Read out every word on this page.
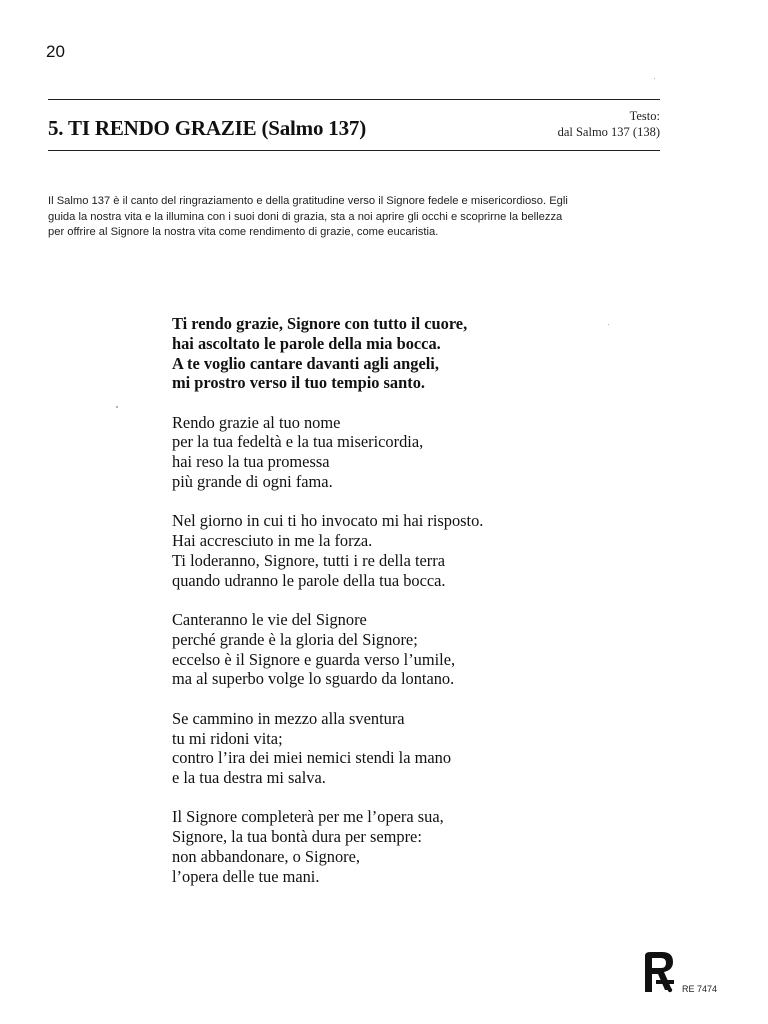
20
5. TI RENDO GRAZIE (Salmo 137)	Testo:
dal Salmo 137 (138)
Il Salmo 137 è il canto del ringraziamento e della gratitudine verso il Signore fedele e misericordioso. Egli
guida la nostra vita e la illumina con i suoi doni di grazia, sta a noi aprire gli occhi e scoprirne la bellezza
per offrire al Signore la nostra vita come rendimento di grazie, come eucaristia.
Ti rendo grazie, Signore con tutto il cuore,
hai ascoltato le parole della mia bocca.
A te voglio cantare davanti agli angeli,
mi prostro verso il tuo tempio santo.
Rendo grazie al tuo nome
per la tua fedeltà e la tua misericordia,
hai reso la tua promessa
più grande di ogni fama.
Nel giorno in cui ti ho invocato mi hai risposto.
Hai accresciuto in me la forza.
Ti loderanno, Signore, tutti i re della terra
quando udranno le parole della tua bocca.
Canteranno le vie del Signore
perché grande è la gloria del Signore;
eccelso è il Signore e guarda verso l’umile,
ma al superbo volge lo sguardo da lontano.
Se cammino in mezzo alla sventura
tu mi ridoni vita;
contro l’ira dei miei nemici stendi la mano
e la tua destra mi salva.
Il Signore completerà per me l’opera sua,
Signore, la tua bontà dura per sempre:
non abbandonare, o Signore,
l’opera delle tue mani.
RE 7474
